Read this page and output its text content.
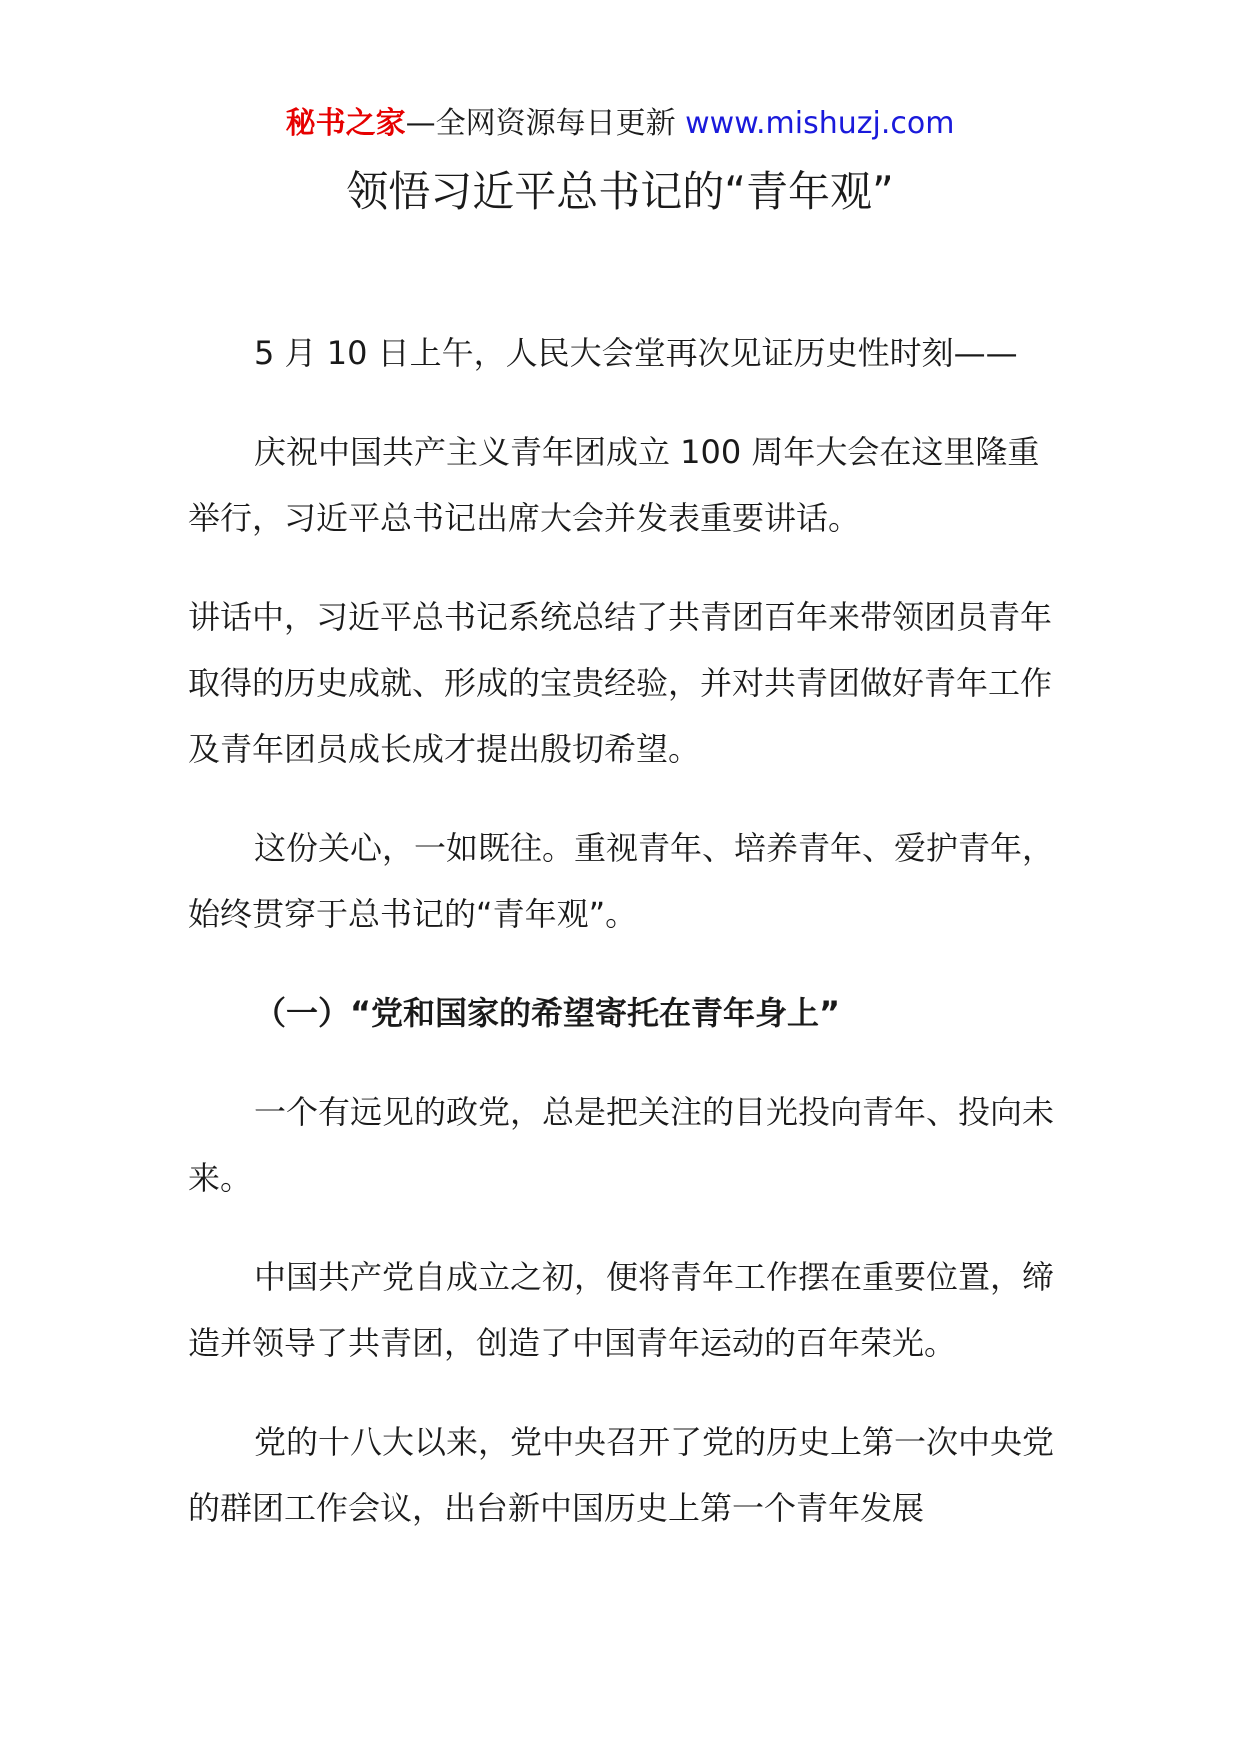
秘书之家—全网资源每日更新 www.mishuzj.com
领悟习近平总书记的“青年观”

5 月 10 日上午，人民大会堂再次见证历史性时刻——

庆祝中国共产主义青年团成立 100 周年大会在这里隆重举行，习近平总书记出席大会并发表重要讲话。

讲话中，习近平总书记系统总结了共青团百年来带领团员青年取得的历史成就、形成的宝贵经验，并对共青团做好青年工作及青年团员成长成才提出殷切希望。

这份关心，一如既往。重视青年、培养青年、爱护青年，始终贯穿于总书记的“青年观”。

（一）“党和国家的希望寄托在青年身上”

一个有远见的政党，总是把关注的目光投向青年、投向未来。

中国共产党自成立之初，便将青年工作摆在重要位置，缔造并领导了共青团，创造了中国青年运动的百年荣光。

党的十八大以来，党中央召开了党的历史上第一次中央党的群团工作会议，出台新中国历史上第一个青年发展
